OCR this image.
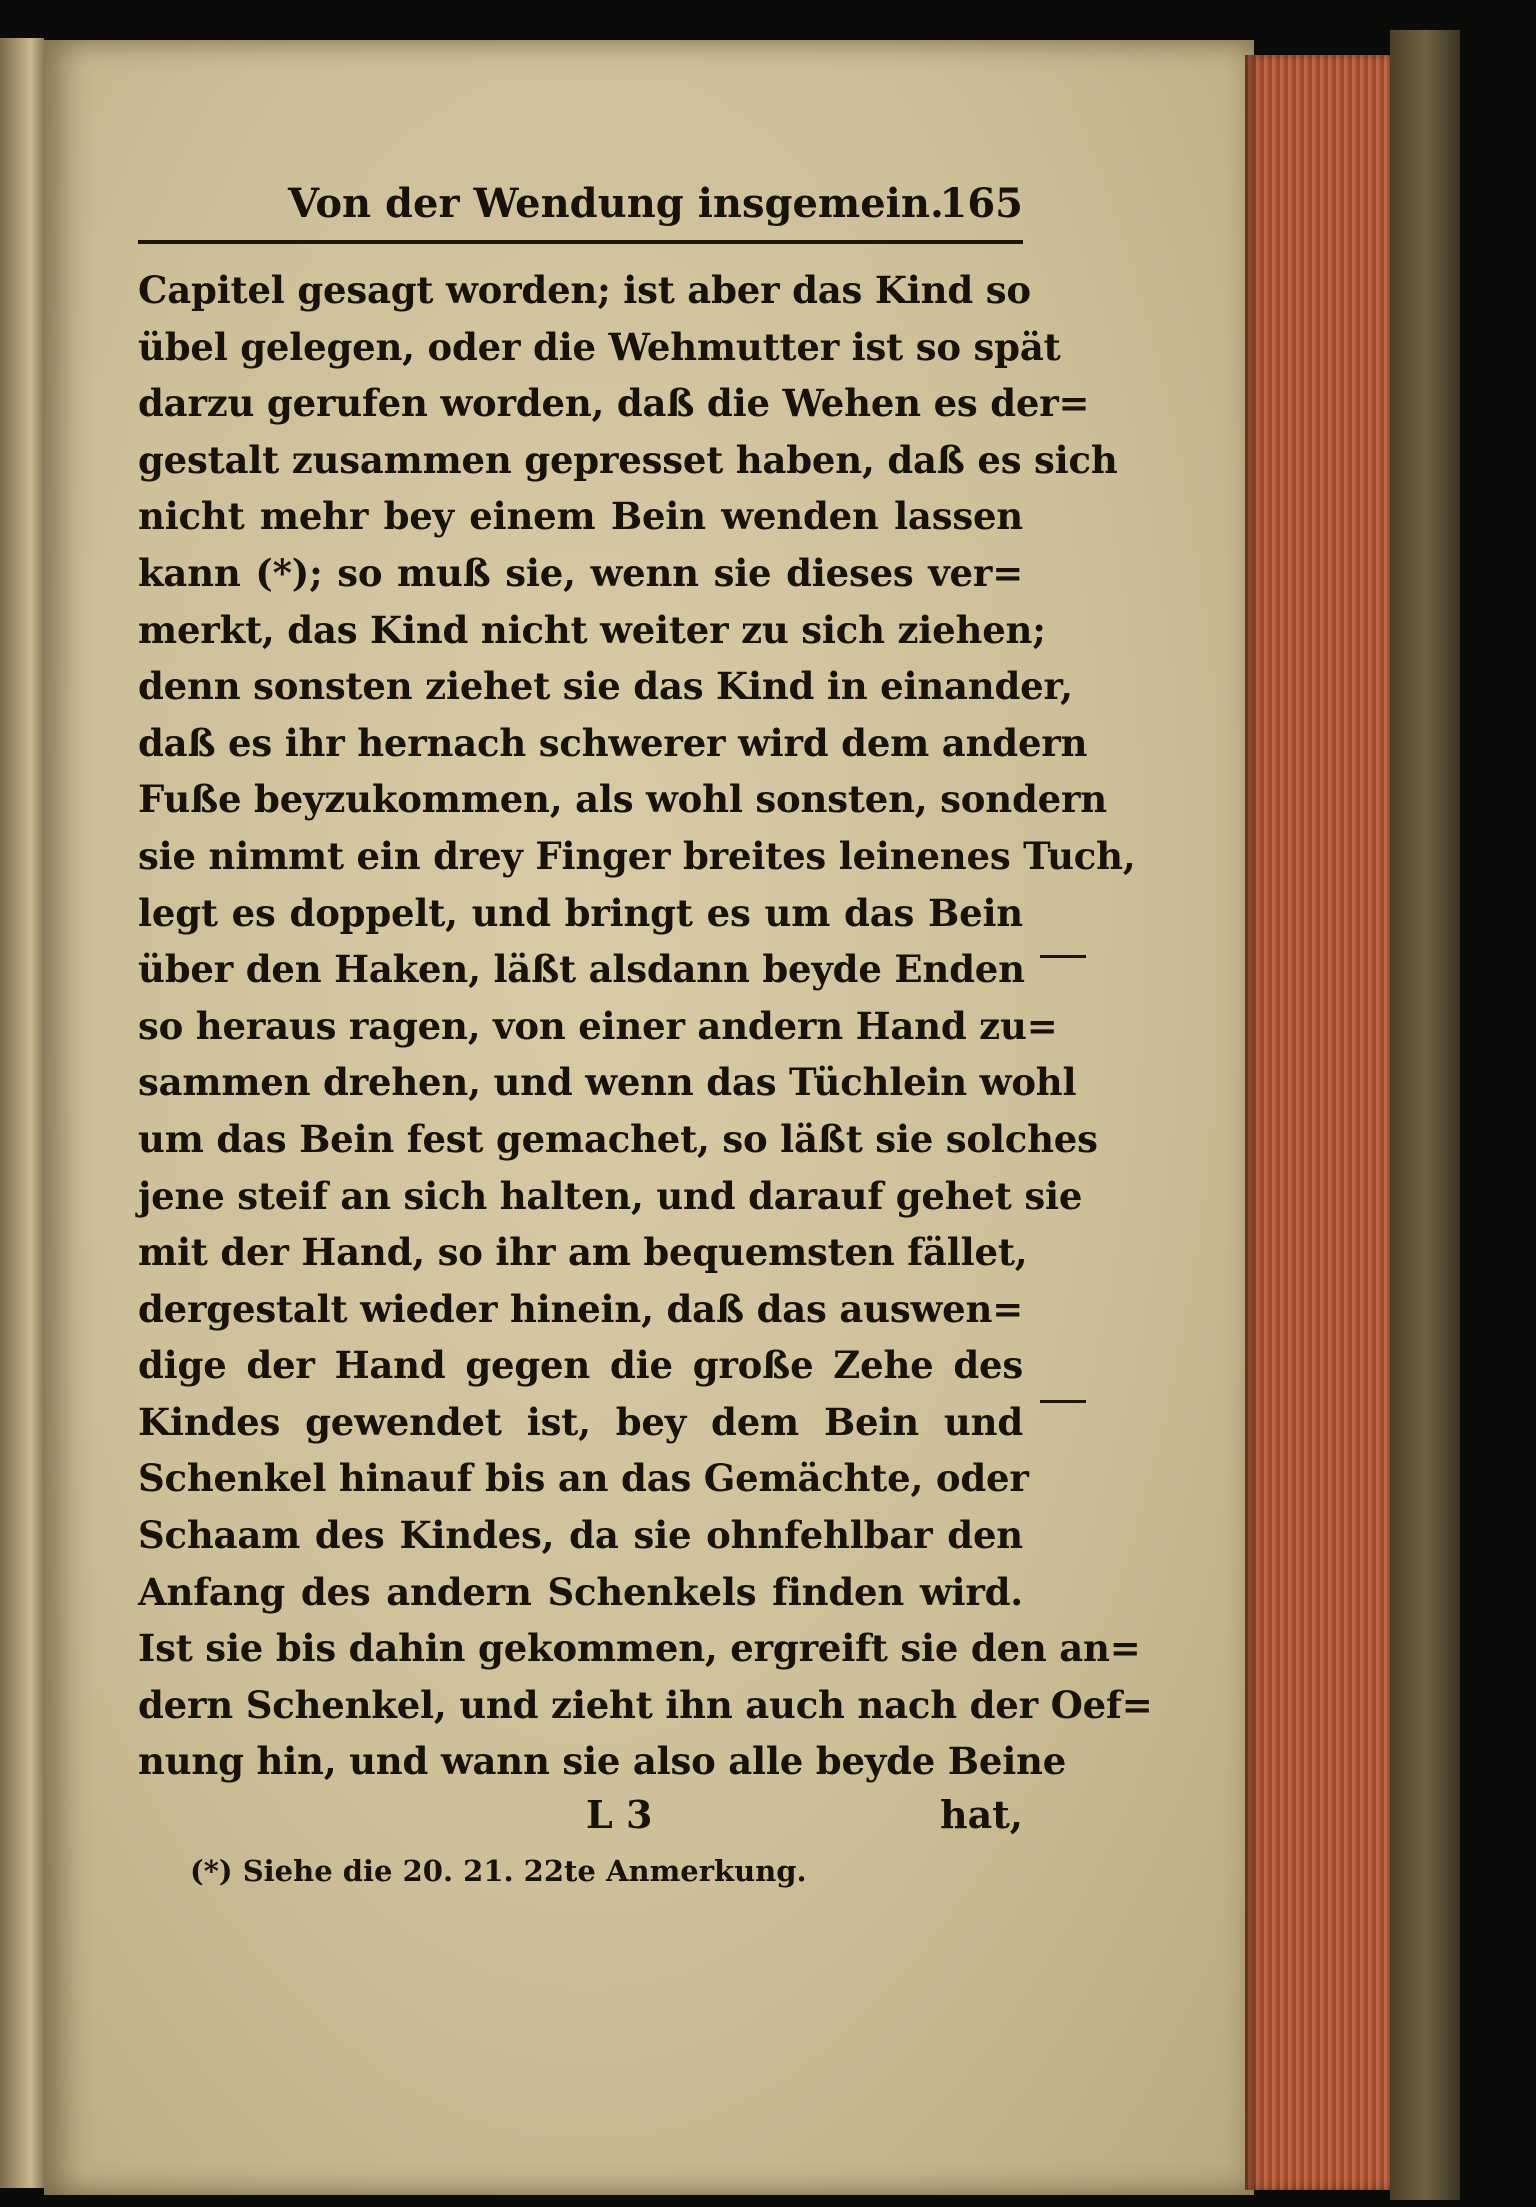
Von der Wendung insgemein.
165
Capitel gesagt worden; ist aber das Kind so
übel gelegen, oder die Wehmutter ist so spät
darzu gerufen worden, daß die Wehen es der=
gestalt zusammen gepresset haben, daß es sich
nicht mehr bey einem Bein wenden lassen
kann (*); so muß sie, wenn sie dieses ver=
merkt, das Kind nicht weiter zu sich ziehen;
denn sonsten ziehet sie das Kind in einander,
daß es ihr hernach schwerer wird dem andern
Fuße beyzukommen, als wohl sonsten, sondern
sie nimmt ein drey Finger breites leinenes Tuch,
legt es doppelt, und bringt es um das Bein
über den Haken, läßt alsdann beyde Enden
so heraus ragen, von einer andern Hand zu=
sammen drehen, und wenn das Tüchlein wohl
um das Bein fest gemachet, so läßt sie solches
jene steif an sich halten, und darauf gehet sie
mit der Hand, so ihr am bequemsten fället,
dergestalt wieder hinein, daß das auswen=
dige der Hand gegen die große Zehe des
Kindes gewendet ist, bey dem Bein und
Schenkel hinauf bis an das Gemächte, oder
Schaam des Kindes, da sie ohnfehlbar den
Anfang des andern Schenkels finden wird.
Ist sie bis dahin gekommen, ergreift sie den an=
dern Schenkel, und zieht ihn auch nach der Oef=
nung hin, und wann sie also alle beyde Beine
L 3	hat,
(*) Siehe die 20. 21. 22te Anmerkung.
